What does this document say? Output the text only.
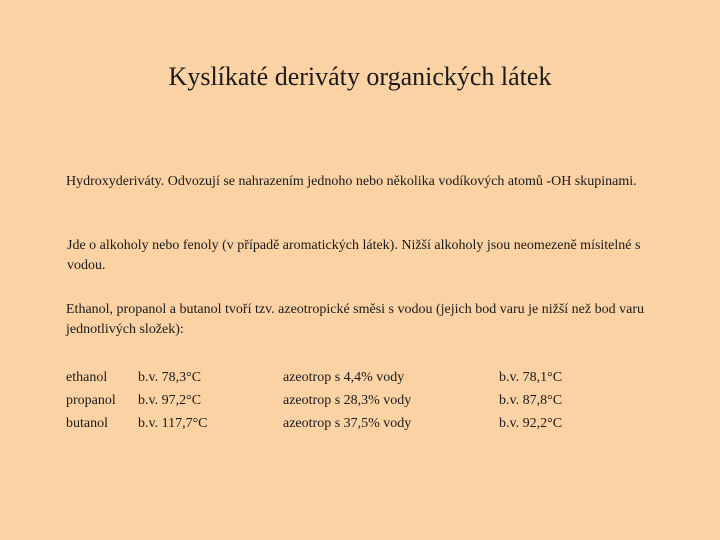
Kyslíkaté deriváty organických látek

Hydroxyderiváty. Odvozují se nahrazením jednoho nebo několika vodíkových atomů -OH skupinami.

Jde o alkoholy nebo fenoly (v případě aromatických látek). Nižší alkoholy jsou neomezeně mísitelné s vodou.

Ethanol, propanol a butanol tvoří tzv. azeotropické směsi s vodou (jejich bod varu je nižší než bod varu jednotlivých složek):

ethanol	b.v. 78,3°C	azeotrop s 4,4% vody	b.v. 78,1°C
propanol	b.v. 97,2°C	azeotrop s 28,3% vody	b.v. 87,8°C
butanol	b.v. 117,7°C	azeotrop s 37,5% vody	b.v. 92,2°C
